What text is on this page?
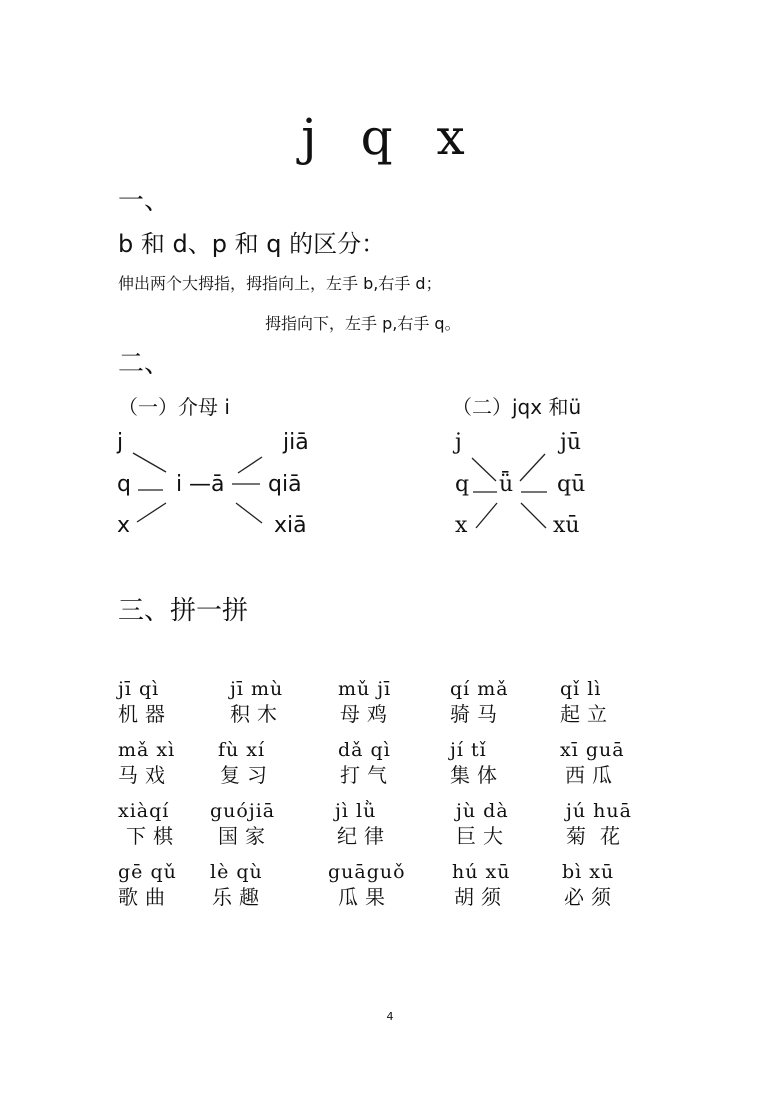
j q x
一、
b 和 d、p 和 q 的区分：
伸出两个大拇指，拇指向上，左手 b,右手 d；
拇指向下，左手 p,右手 q。
二、
（一）介母 i	（二）jqx 和ü
j
q
x
i — ā
jiā
qiā
xiā
j
q
x
ǖ
jū
qū
xū
三、拼一拼
jī qì
机器
jī mù
积木
mǔ jī
母鸡
qí mǎ
骑马
qǐ lì
起立
mǎ xì
马戏
fù xí
复习
dǎ qì
打气
jí tǐ
集体
xī guā
西瓜
xiàqí
下棋
guójiā
国家
jì lǜ
纪律
jù dà
巨大
jú huā
菊花
gē qǔ
歌曲
lè qù
乐趣
guāguǒ
瓜果
hú xū
胡须
bì xū
必须
4
